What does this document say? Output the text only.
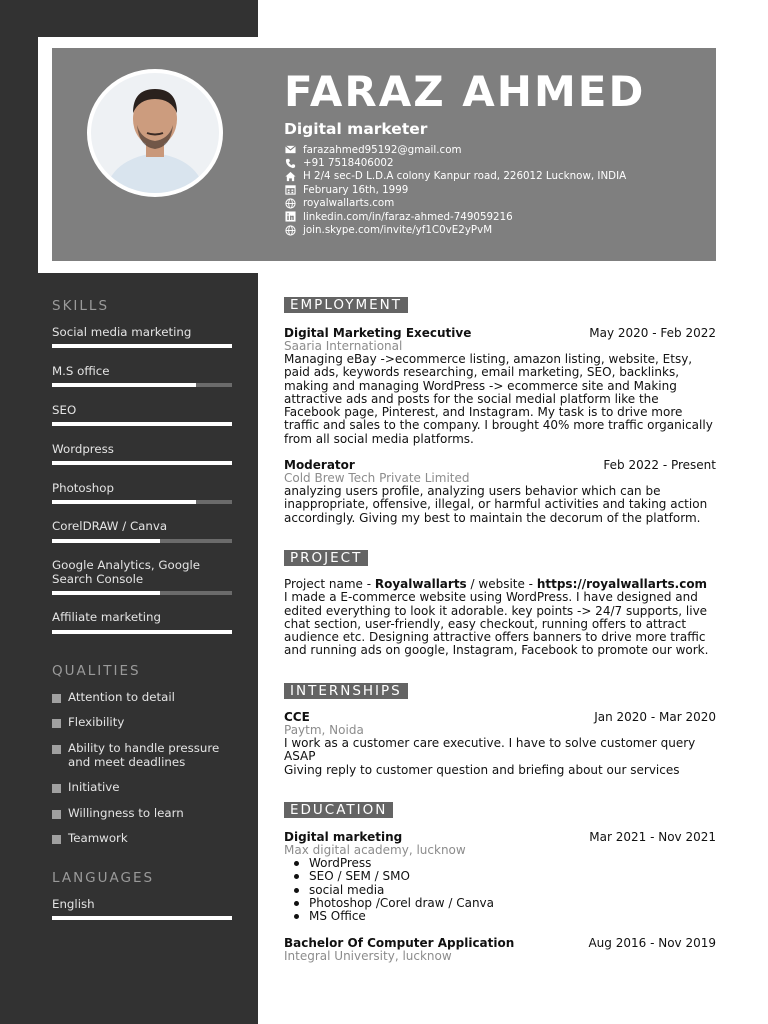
FARAZ AHMED
Digital marketer
farazahmed95192@gmail.com
+91 7518406002
H 2/4 sec-D L.D.A colony Kanpur road, 226012 Lucknow, INDIA
February 16th, 1999
royalwallarts.com
linkedin.com/in/faraz-ahmed-749059216
join.skype.com/invite/yf1C0vE2yPvM
SKILLS
Social media marketing
M.S office
SEO
Wordpress
Photoshop
CorelDRAW / Canva
Google Analytics, Google Search Console
Affiliate marketing
QUALITIES
Attention to detail
Flexibility
Ability to handle pressure and meet deadlines
Initiative
Willingness to learn
Teamwork
LANGUAGES
English
EMPLOYMENT
Digital Marketing Executive	May 2020 - Feb 2022
Saaria International
Managing eBay ->ecommerce listing, amazon listing, website, Etsy,
paid ads, keywords researching, email marketing, SEO, backlinks,
making and managing WordPress -> ecommerce site and Making
attractive ads and posts for the social medial platform like the
Facebook page, Pinterest, and Instagram. My task is to drive more
traffic and sales to the company. I brought 40% more traffic organically
from all social media platforms.
Moderator	Feb 2022 - Present
Cold Brew Tech Private Limited
analyzing users profile, analyzing users behavior which can be
inappropriate, offensive, illegal, or harmful activities and taking action
accordingly. Giving my best to maintain the decorum of the platform.
PROJECT
Project name - Royalwallarts / website - https://royalwallarts.com
I made a E-commerce website using WordPress. I have designed and
edited everything to look it adorable. key points -> 24/7 supports, live
chat section, user-friendly, easy checkout, running offers to attract
audience etc. Designing attractive offers banners to drive more traffic
and running ads on google, Instagram, Facebook to promote our work.
INTERNSHIPS
CCE	Jan 2020 - Mar 2020
Paytm, Noida
I work as a customer care executive. I have to solve customer query
ASAP
Giving reply to customer question and briefing about our services
EDUCATION
Digital marketing	Mar 2021 - Nov 2021
Max digital academy, lucknow
WordPress
SEO / SEM / SMO
social media
Photoshop /Corel draw / Canva
MS Office
Bachelor Of Computer Application	Aug 2016 - Nov 2019
Integral University, lucknow
